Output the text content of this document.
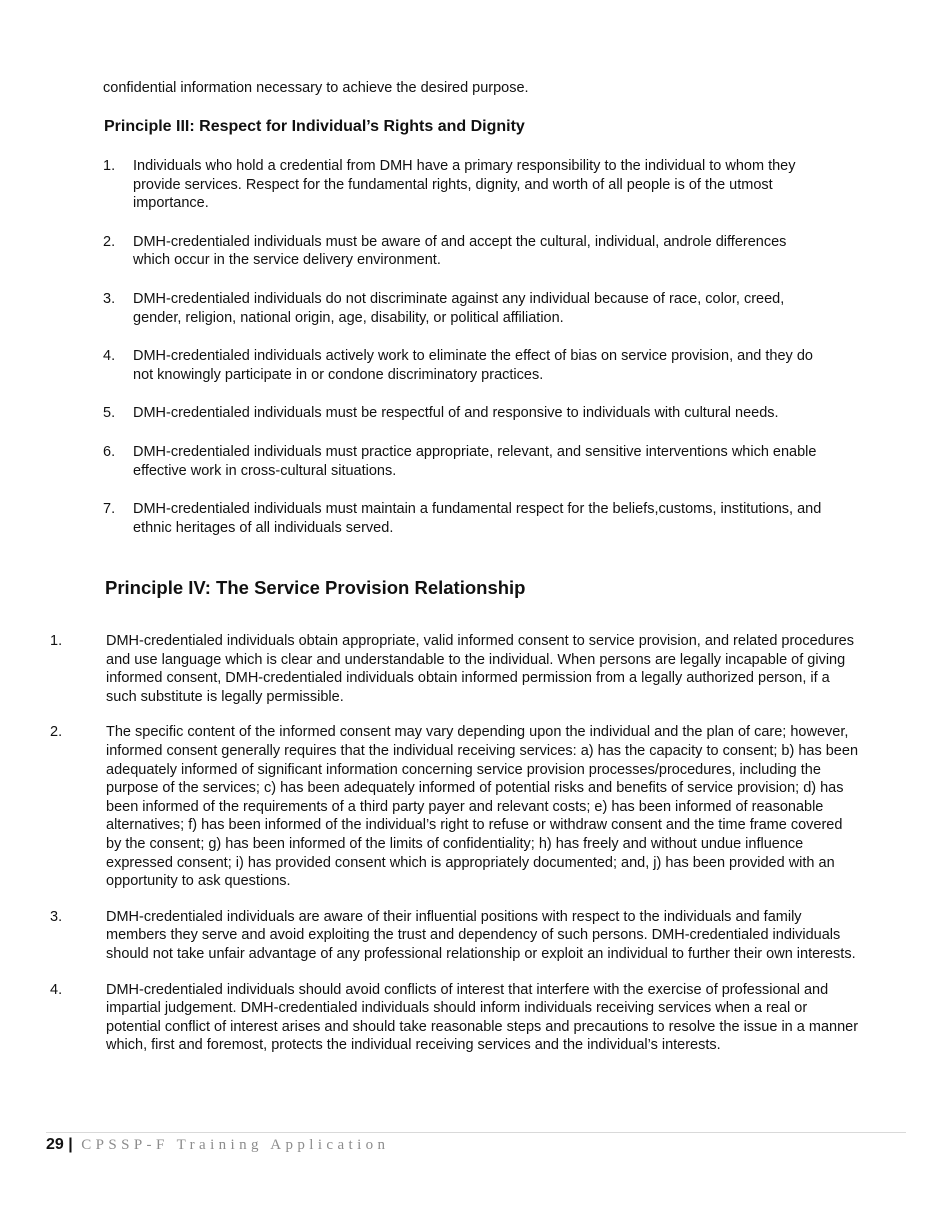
confidential information necessary to achieve the desired purpose.
Principle III: Respect for Individual’s Rights and Dignity
1. Individuals who hold a credential from DMH have a primary responsibility to the individual to whom they provide services. Respect for the fundamental rights, dignity, and worth of all people is of the utmost importance.
2. DMH-credentialed individuals must be aware of and accept the cultural, individual, androle differences which occur in the service delivery environment.
3. DMH-credentialed individuals do not discriminate against any individual because of race, color, creed, gender, religion, national origin, age, disability, or political affiliation.
4. DMH-credentialed individuals actively work to eliminate the effect of bias on service provision, and they do not knowingly participate in or condone discriminatory practices.
5. DMH-credentialed individuals must be respectful of and responsive to individuals with cultural needs.
6. DMH-credentialed individuals must practice appropriate, relevant, and sensitive interventions which enable effective work in cross-cultural situations.
7. DMH-credentialed individuals must maintain a fundamental respect for the beliefs,customs, institutions, and ethnic heritages of all individuals served.
Principle IV: The Service Provision Relationship
1.	DMH-credentialed individuals obtain appropriate, valid informed consent to service provision, and related procedures and use language which is clear and understandable to the individual. When persons are legally incapable of giving informed consent, DMH-credentialed individuals obtain informed permission from a legally authorized person, if a such substitute is legally permissible.
2.	The specific content of the informed consent may vary depending upon the individual and the plan of care; however, informed consent generally requires that the individual receiving services: a) has the capacity to consent; b) has been adequately informed of significant information concerning service provision processes/procedures, including the purpose of the services; c) has been adequately informed of potential risks and benefits of service provision; d) has been informed of the requirements of a third party payer and relevant costs; e) has been informed of reasonable alternatives; f) has been informed of the individual’s right to refuse or withdraw consent and the time frame covered by the consent; g) has been informed of the limits of confidentiality; h) has freely and without undue influence expressed consent; i) has provided consent which is appropriately documented; and, j) has been provided with an opportunity to ask questions.
3.	DMH-credentialed individuals are aware of their influential positions with respect to the individuals and family members they serve and avoid exploiting the trust and dependency of such persons. DMH-credentialed individuals should not take unfair advantage of any professional relationship or exploit an individual to further their own interests.
4.	DMH-credentialed individuals should avoid conflicts of interest that interfere with the exercise of professional and impartial judgement. DMH-credentialed individuals should inform individuals receiving services when a real or potential conflict of interest arises and should take reasonable steps and precautions to resolve the issue in a manner which, first and foremost, protects the individual receiving services and the individual’s interests.
29 | CPSSP-F Training Application
